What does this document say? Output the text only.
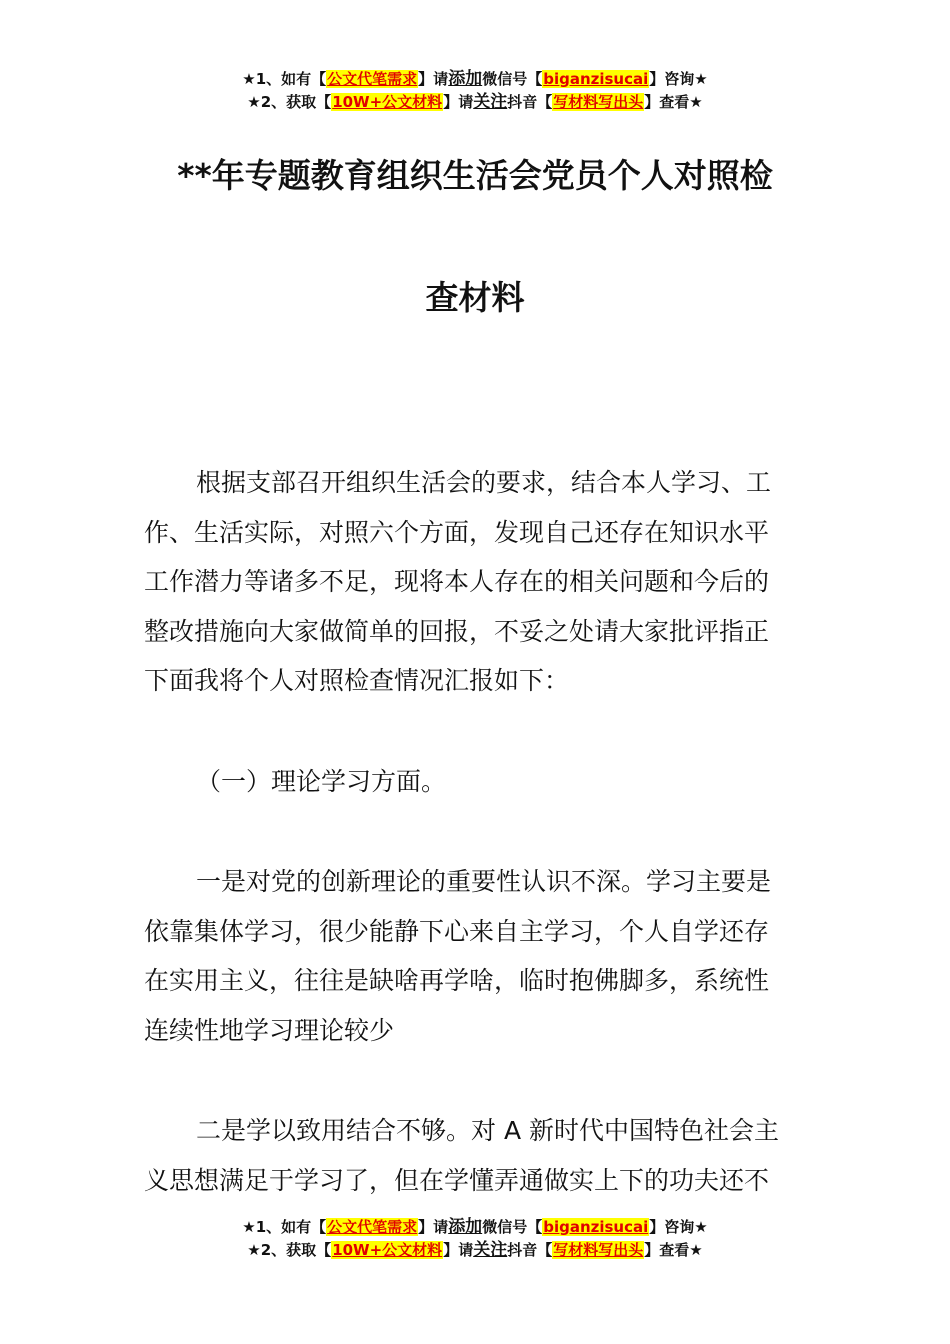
★1、如有【公文代笔需求】请添加微信号【biganzisucai】咨询★
★2、获取【10W+公文材料】请关注抖音【写材料写出头】查看★
**年专题教育组织生活会党员个人对照检
查材料
根据支部召开组织生活会的要求，结合本人学习、工
作、生活实际，对照六个方面，发现自己还存在知识水平
工作潜力等诸多不足，现将本人存在的相关问题和今后的
整改措施向大家做简单的回报，不妥之处请大家批评指正
下面我将个人对照检查情况汇报如下：
（一）理论学习方面。
一是对党的创新理论的重要性认识不深。学习主要是
依靠集体学习，很少能静下心来自主学习，个人自学还存
在实用主义，往往是缺啥再学啥，临时抱佛脚多，系统性
连续性地学习理论较少
二是学以致用结合不够。对 A 新时代中国特色社会主
义思想满足于学习了，但在学懂弄通做实上下的功夫还不
★1、如有【公文代笔需求】请添加微信号【biganzisucai】咨询★
★2、获取【10W+公文材料】请关注抖音【写材料写出头】查看★
